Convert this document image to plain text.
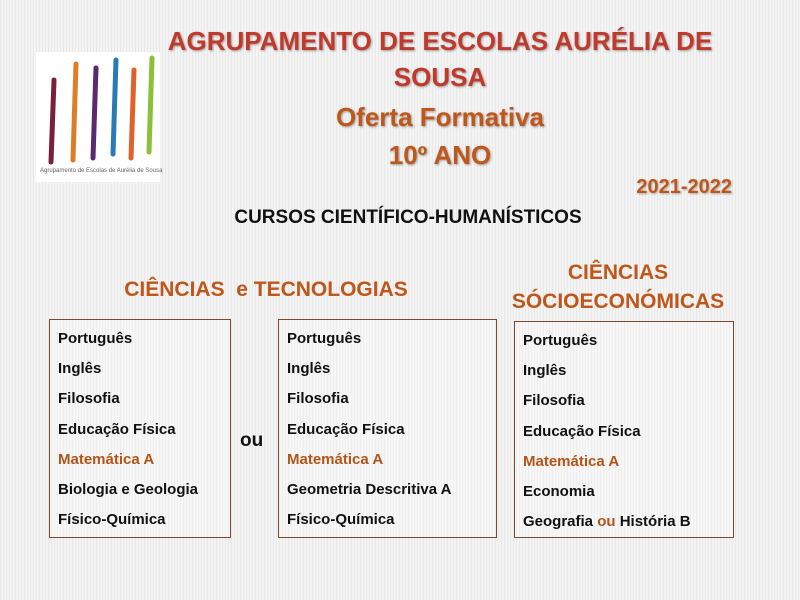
Agrupamento de Escolas de Aurélia de Sousa
AGRUPAMENTO DE ESCOLAS AURÉLIA DE
SOUSA
Oferta Formativa
10º ANO
2021-2022
CURSOS CIENTÍFICO-HUMANÍSTICOS
CIÊNCIAS  e TECNOLOGIAS
CIÊNCIAS
SÓCIOECONÓMICAS
Português
Inglês
Filosofia
Educação Física
Matemática A
Biologia e Geologia
Físico-Química
ou
Português
Inglês
Filosofia
Educação Física
Matemática A
Geometria Descritiva A
Físico-Química
Português
Inglês
Filosofia
Educação Física
Matemática A
Economia
Geografia ou História B
